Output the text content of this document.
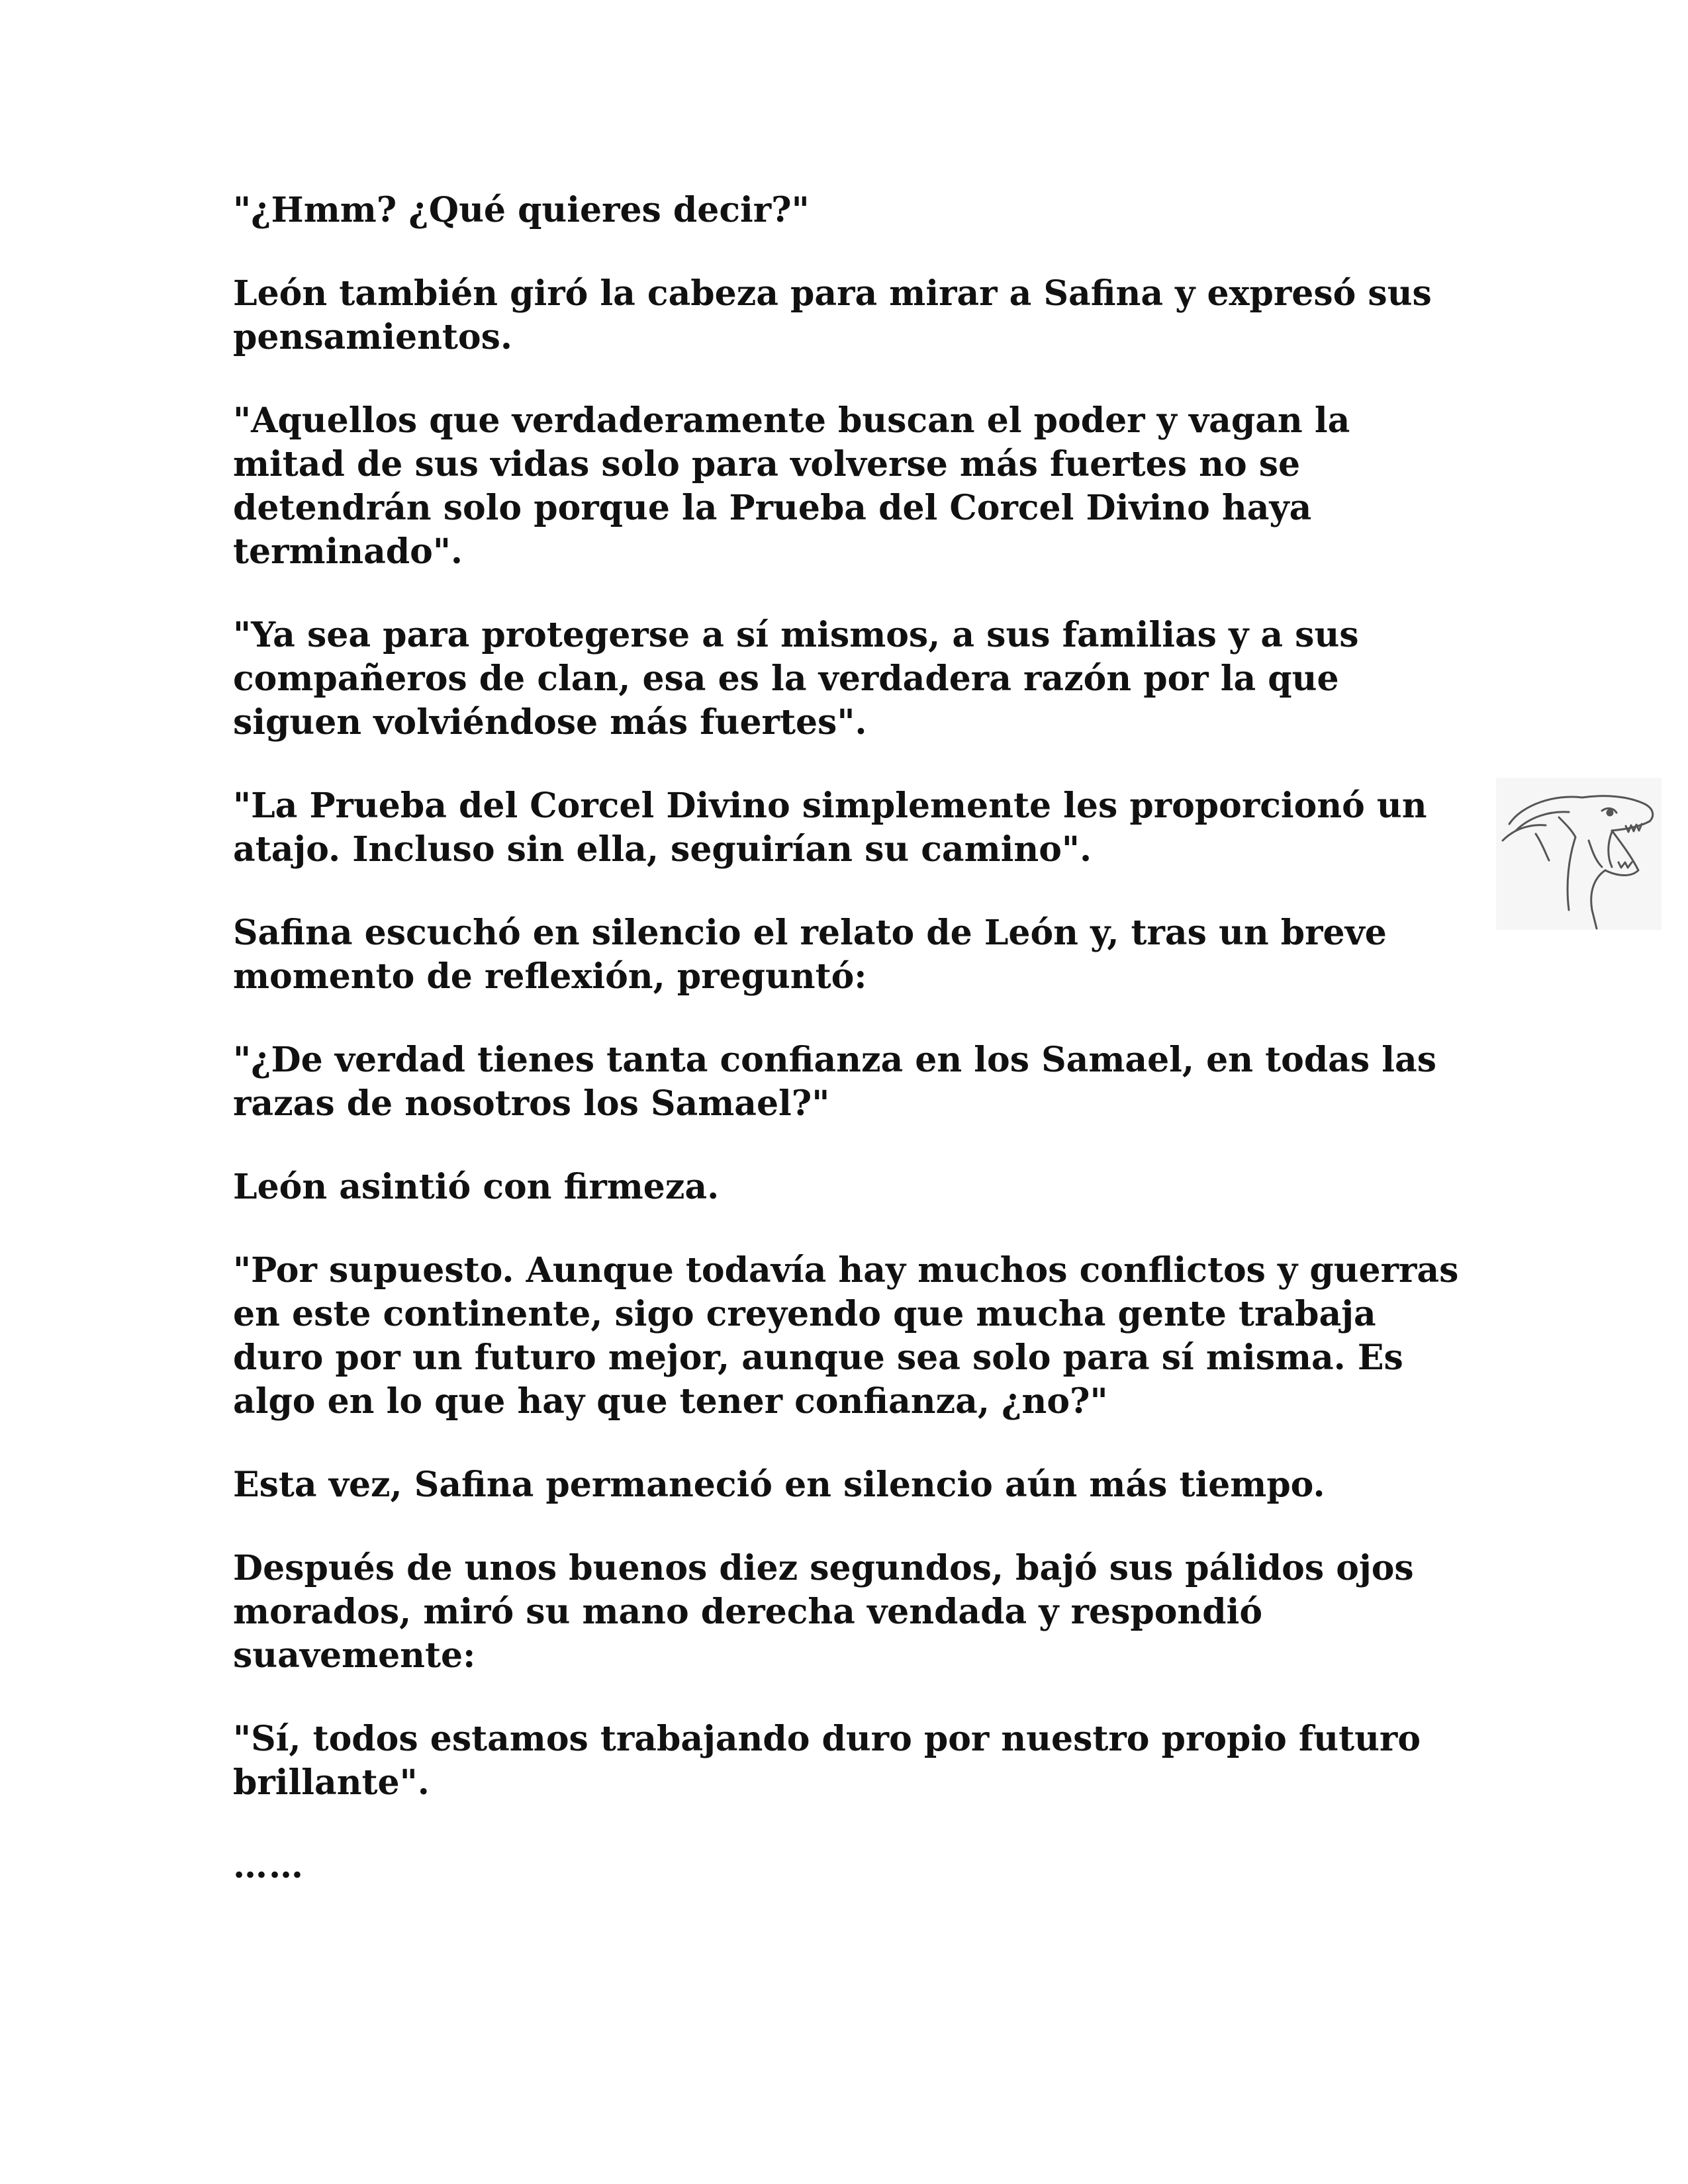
"¿Hmm? ¿Qué quieres decir?"

León también giró la cabeza para mirar a Safina y expresó sus pensamientos.

"Aquellos que verdaderamente buscan el poder y vagan la mitad de sus vidas solo para volverse más fuertes no se detendrán solo porque la Prueba del Corcel Divino haya terminado".

"Ya sea para protegerse a sí mismos, a sus familias y a sus compañeros de clan, esa es la verdadera razón por la que siguen volviéndose más fuertes".

"La Prueba del Corcel Divino simplemente les proporcionó un atajo. Incluso sin ella, seguirían su camino".

Safina escuchó en silencio el relato de León y, tras un breve momento de reflexión, preguntó:

"¿De verdad tienes tanta confianza en los Samael, en todas las razas de nosotros los Samael?"

León asintió con firmeza.

"Por supuesto. Aunque todavía hay muchos conflictos y guerras en este continente, sigo creyendo que mucha gente trabaja duro por un futuro mejor, aunque sea solo para sí misma. Es algo en lo que hay que tener confianza, ¿no?"

Esta vez, Safina permaneció en silencio aún más tiempo.

Después de unos buenos diez segundos, bajó sus pálidos ojos morados, miró su mano derecha vendada y respondió suavemente:

"Sí, todos estamos trabajando duro por nuestro propio futuro brillante".

……
